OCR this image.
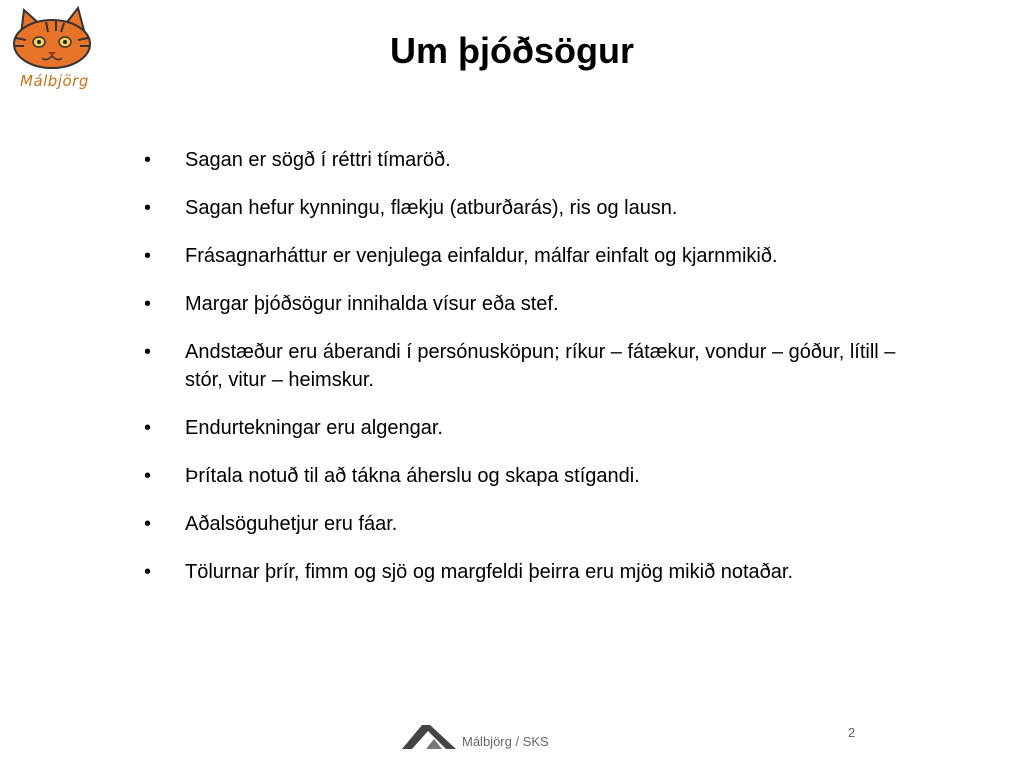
Málbjörg
Um þjóðsögur
•	Sagan er sögð í réttri tímaröð.
•	Sagan hefur kynningu, flækju (atburðarás), ris og lausn.
•	Frásagnarháttur er venjulega einfaldur, málfar einfalt og kjarnmikið.
•	Margar þjóðsögur innihalda vísur eða stef.
•	Andstæður eru áberandi í persónusköpun; ríkur – fátækur, vondur – góður, lítill – stór, vitur – heimskur.
•	Endurtekningar eru algengar.
•	Þrítala notuð til að tákna áherslu og skapa stígandi.
•	Aðalsöguhetjur eru fáar.
•	Tölurnar þrír, fimm og sjö og margfeldi þeirra eru mjög mikið notaðar.
Málbjörg / SKS
2
